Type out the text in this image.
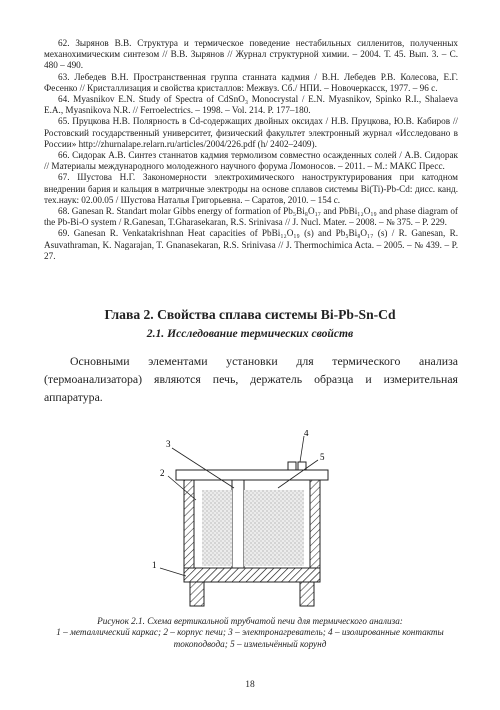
62. Зырянов В.В. Структура и термическое поведение нестабильных силленитов, полученных механохимическим синтезом // В.В. Зырянов // Журнал структурной химии. – 2004. Т. 45. Вып. 3. – С. 480 – 490.

63. Лебедев В.Н. Пространственная группа станната кадмия / В.Н. Лебедев Р.В. Колесова, Е.Г. Фесенко // Кристаллизация и свойства кристаллов: Межвуз. Сб./ НПИ. – Новочеркасск, 1977. – 96 с.

64. Myasnikov E.N. Study of Spectra of CdSnO₃ Monocrystal / E.N. Myasnikov, Spinko R.I., Shalaeva E.A., Myasnikova N.R. // Ferroelectrics. – 1998. – Vol. 214. P. 177–180.

65. Пруцкова Н.В. Полярность в Cd-содержащих двойных оксидах / Н.В. Пруцкова, Ю.В. Кабиров // Ростовский государственный университет, физический факультет электронный журнал «Исследовано в России» http://zhurnalape.relarn.ru/articles/2004/226.pdf (h/ 2402–2409).

66. Сидорак А.В. Синтез станнатов кадмия термолизом совместно осажденных солей / А.В. Сидорак // Материалы международного молодежного научного форума Ломоносов. – 2011. – М.: МАКС Пресс.

67. Шустова Н.Г. Закономерности электрохимического наноструктурирования при катодном внедрении бария и кальция в матричные электроды на основе сплавов системы Bi(Ti)-Pb-Cd: дисс. канд. тех.наук: 02.00.05 / Шустова Наталья Григорьевна. – Саратов, 2010. – 154 с.

68. Ganesan R. Standart molar Gibbs energy of formation of Pb₅Bi₈O₁₇ and PbBi₁₂O₁₉ and phase diagram of the Pb-Bi-O system / R.Ganesan, T.Gharasekaran, R.S. Srinivasa // J. Nucl. Mater. – 2008. – № 375. – P. 229.

69. Ganesan R. Venkatakrishnan Heat capacities of PbBi₁₂O₁₉ (s) and Pb₅Bi₈O₁₇ (s) / R. Ganesan, R. Asuvathraman, K. Nagarajan, T. Gnanasekaran, R.S. Srinivasa // J. Thermochimica Acta. – 2005. – № 439. – P. 27.

Глава 2. Свойства сплава системы Bi-Pb-Sn-Cd
2.1. Исследование термических свойств

Основными элементами установки для термического анализа (термоанализатора) являются печь, держатель образца и измерительная аппаратура.

3
2
1
4
5
Рисунок 2.1. Схема вертикальной трубчатой печи для термического анализа:
1 – металлический каркас; 2 – корпус печи; 3 – электронагреватель; 4 – изолированные контакты токоподвода; 5 – измельчённый корунд
18
